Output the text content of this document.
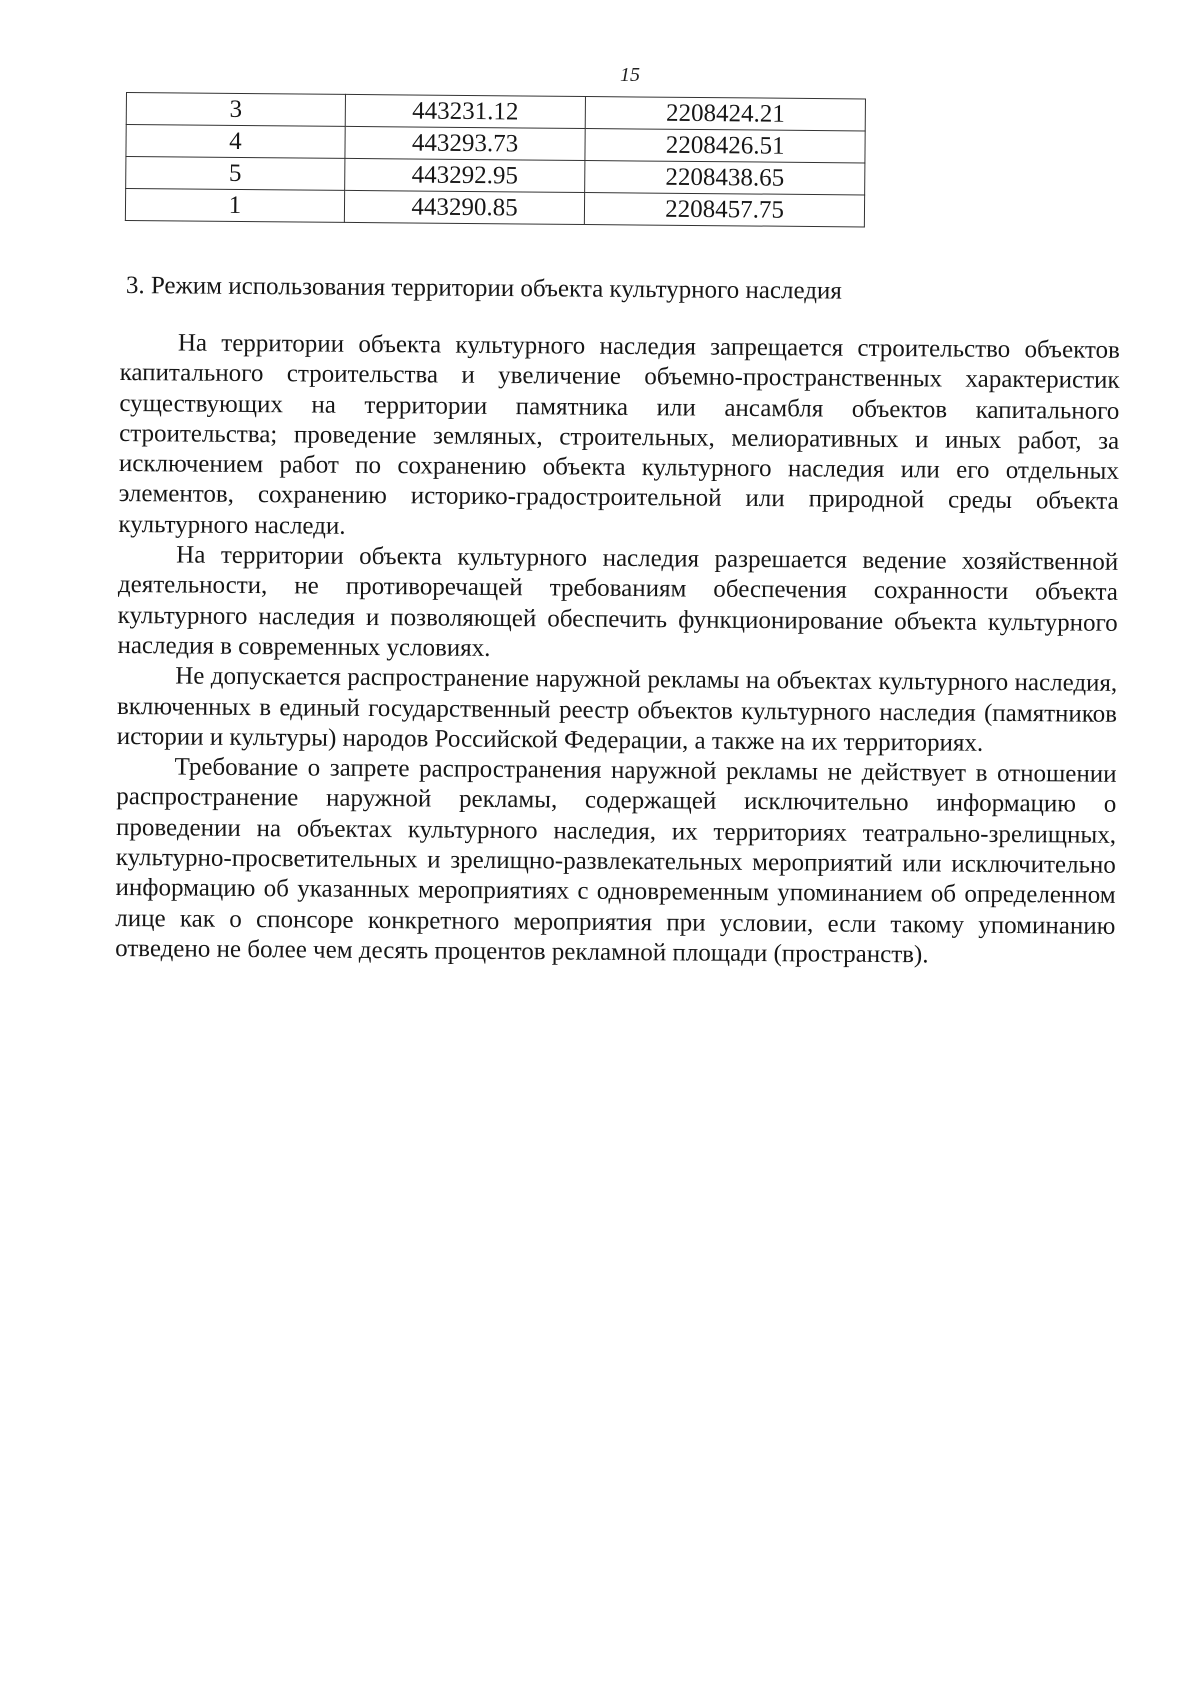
15
3	443231.12	2208424.21
4	443293.73	2208426.51
5	443292.95	2208438.65
1	443290.85	2208457.75
3. Режим использования территории объекта культурного наследия

На территории объекта культурного наследия запрещается строительство объектов капитального строительства и увеличение объемно-пространственных характеристик существующих на территории памятника или ансамбля объектов капитального строительства; проведение земляных, строительных, мелиоративных и иных работ, за исключением работ по сохранению объекта культурного наследия или его отдельных элементов, сохранению историко-градостроительной или природной среды объекта культурного наследи.

На территории объекта культурного наследия разрешается ведение хозяйственной деятельности, не противоречащей требованиям обеспечения сохранности объекта культурного наследия и позволяющей обеспечить функционирование объекта культурного наследия в современных условиях.

Не допускается распространение наружной рекламы на объектах культурного наследия, включенных в единый государственный реестр объектов культурного наследия (памятников истории и культуры) народов Российской Федерации, а также на их территориях.

Требование о запрете распространения наружной рекламы не действует в отношении распространение наружной рекламы, содержащей исключительно информацию о проведении на объектах культурного наследия, их территориях театрально-зрелищных, культурно-просветительных и зрелищно-развлекательных мероприятий или исключительно информацию об указанных мероприятиях с одновременным упоминанием об определенном лице как о спонсоре конкретного мероприятия при условии, если такому упоминанию отведено не более чем десять процентов рекламной площади (пространств).
